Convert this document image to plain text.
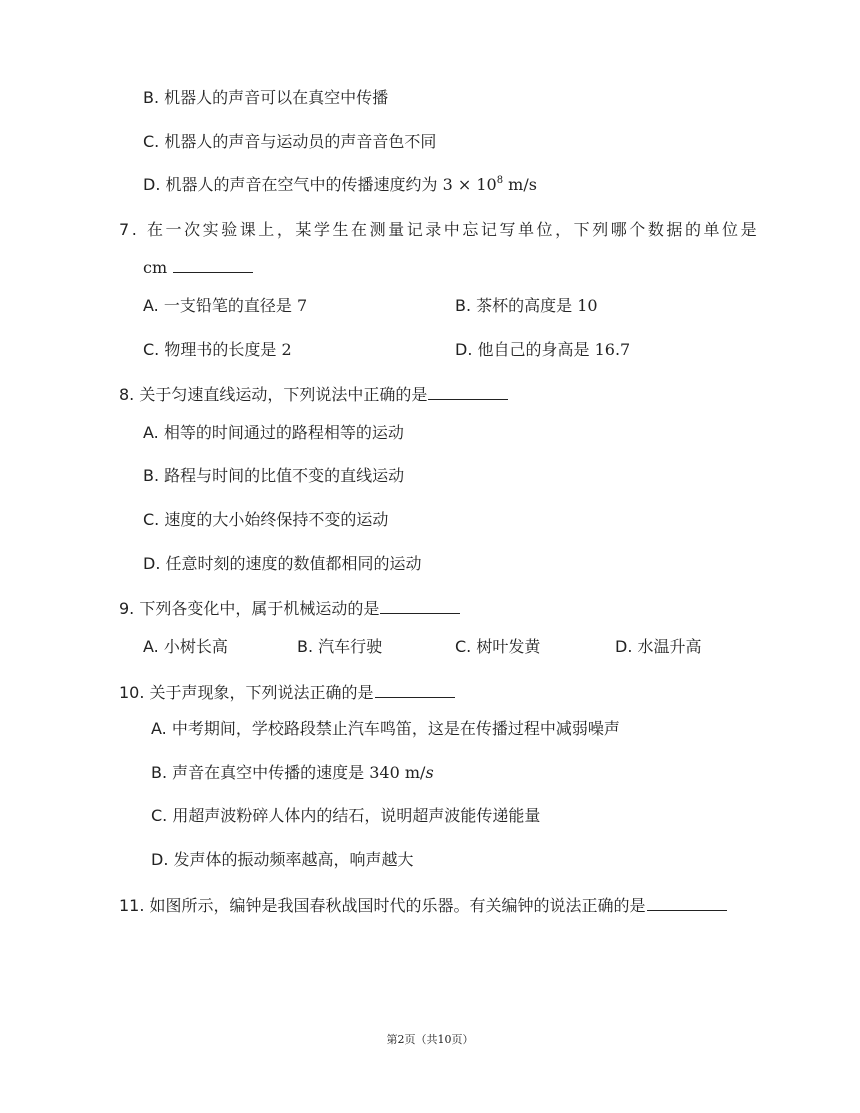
B. 机器人的声音可以在真空中传播
C. 机器人的声音与运动员的声音音色不同
D. 机器人的声音在空气中的传播速度约为 $3 \times 10^8$ m/s
7. 在一次实验课上，某学生在测量记录中忘记写单位，下列哪个数据的单位是
cm
A. 一支铅笔的直径是 7	B. 茶杯的高度是 10
C. 物理书的长度是 2	D. 他自己的身高是 16.7
8. 关于匀速直线运动，下列说法中正确的是
A. 相等的时间通过的路程相等的运动
B. 路程与时间的比值不变的直线运动
C. 速度的大小始终保持不变的运动
D. 任意时刻的速度的数值都相同的运动
9. 下列各变化中，属于机械运动的是
A. 小树长高	B. 汽车行驶	C. 树叶发黄	D. 水温升高
10. 关于声现象，下列说法正确的是
A. 中考期间，学校路段禁止汽车鸣笛，这是在传播过程中减弱噪声
B. 声音在真空中传播的速度是 340 m/s
C. 用超声波粉碎人体内的结石，说明超声波能传递能量
D. 发声体的振动频率越高，响声越大
11. 如图所示，编钟是我国春秋战国时代的乐器。有关编钟的说法正确的是
第2页（共10页）
